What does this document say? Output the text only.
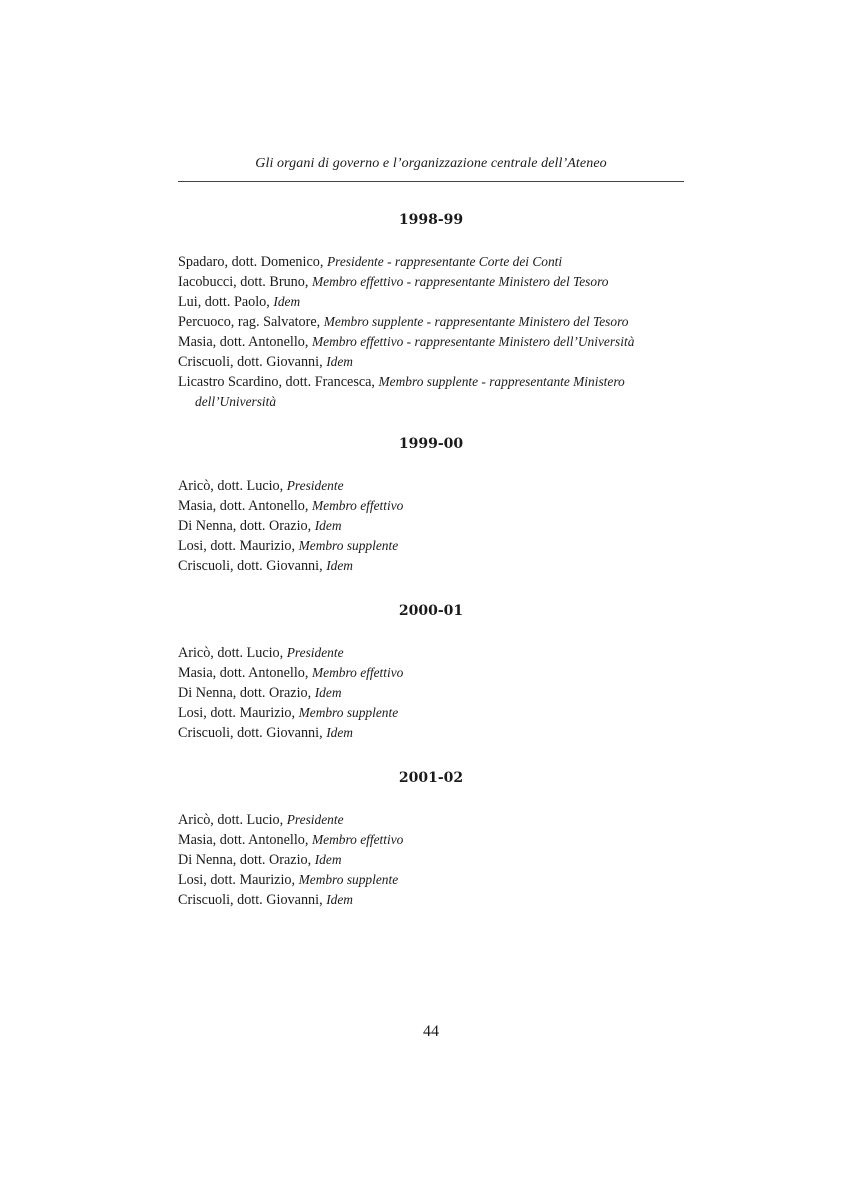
Gli organi di governo e l’organizzazione centrale dell’Ateneo
1998-99
Spadaro, dott. Domenico, Presidente - rappresentante Corte dei Conti
Iacobucci, dott. Bruno, Membro effettivo - rappresentante Ministero del Tesoro
Lui, dott. Paolo, Idem
Percuoco, rag. Salvatore, Membro supplente - rappresentante Ministero del Tesoro
Masia, dott. Antonello, Membro effettivo - rappresentante Ministero dell’Università
Criscuoli, dott. Giovanni, Idem
Licastro Scardino, dott. Francesca, Membro supplente - rappresentante Ministero dell’Università
1999-00
Aricò, dott. Lucio, Presidente
Masia, dott. Antonello, Membro effettivo
Di Nenna, dott. Orazio, Idem
Losi, dott. Maurizio, Membro supplente
Criscuoli, dott. Giovanni, Idem
2000-01
Aricò, dott. Lucio, Presidente
Masia, dott. Antonello, Membro effettivo
Di Nenna, dott. Orazio, Idem
Losi, dott. Maurizio, Membro supplente
Criscuoli, dott. Giovanni, Idem
2001-02
Aricò, dott. Lucio, Presidente
Masia, dott. Antonello, Membro effettivo
Di Nenna, dott. Orazio, Idem
Losi, dott. Maurizio, Membro supplente
Criscuoli, dott. Giovanni, Idem
44
